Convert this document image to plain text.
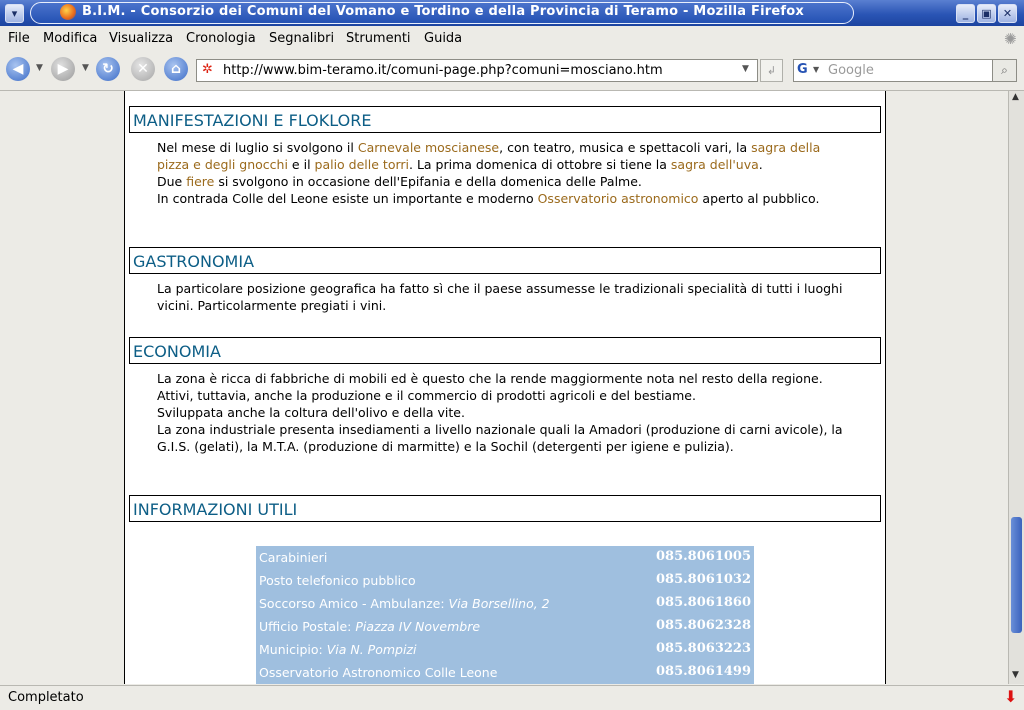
▾	B.I.M. - Consorzio dei Comuni del Vomano e Tordino e della Provincia di Teramo - Mozilla Firefox	_	▣	✕
File Modifica Visualizza Cronologia Segnalibri Strumenti Guida	✺
◀	▼	▶	▼ ↻	✕	⌂	✲ http://www.bim-teramo.it/comuni-page.php?comuni=mosciano.htm	▼	↲	G ▼ Google	⌕
MANIFESTAZIONI E FLOKLORE
Nel mese di luglio si svolgono il Carnevale moscianese, con teatro, musica e spettacoli vari, la sagra della pizza e degli gnocchi e il palio delle torri. La prima domenica di ottobre si tiene la sagra dell'uva.
Due fiere si svolgono in occasione dell'Epifania e della domenica delle Palme.
In contrada Colle del Leone esiste un importante e moderno Osservatorio astronomico aperto al pubblico.
GASTRONOMIA
La particolare posizione geografica ha fatto sì che il paese assumesse le tradizionali specialità di tutti i luoghi vicini. Particolarmente pregiati i vini.
ECONOMIA
La zona è ricca di fabbriche di mobili ed è questo che la rende maggiormente nota nel resto della regione. Attivi, tuttavia, anche la produzione e il commercio di prodotti agricoli e del bestiame.
Sviluppata anche la coltura dell'olivo e della vite.
La zona industriale presenta insediamenti a livello nazionale quali la Amadori (produzione di carni avicole), la G.I.S. (gelati), la M.T.A. (produzione di marmitte) e la Sochil (detergenti per igiene e pulizia).
INFORMAZIONI UTILI
Carabinieri	085.8061005
Posto telefonico pubblico	085.8061032
Soccorso Amico - Ambulanze: Via Borsellino, 2	085.8061860
Ufficio Postale: Piazza IV Novembre	085.8062328
Municipio: Via N. Pompizi	085.8063223
Osservatorio Astronomico Colle Leone	085.8061499
▲
▼
Completato	⬇
